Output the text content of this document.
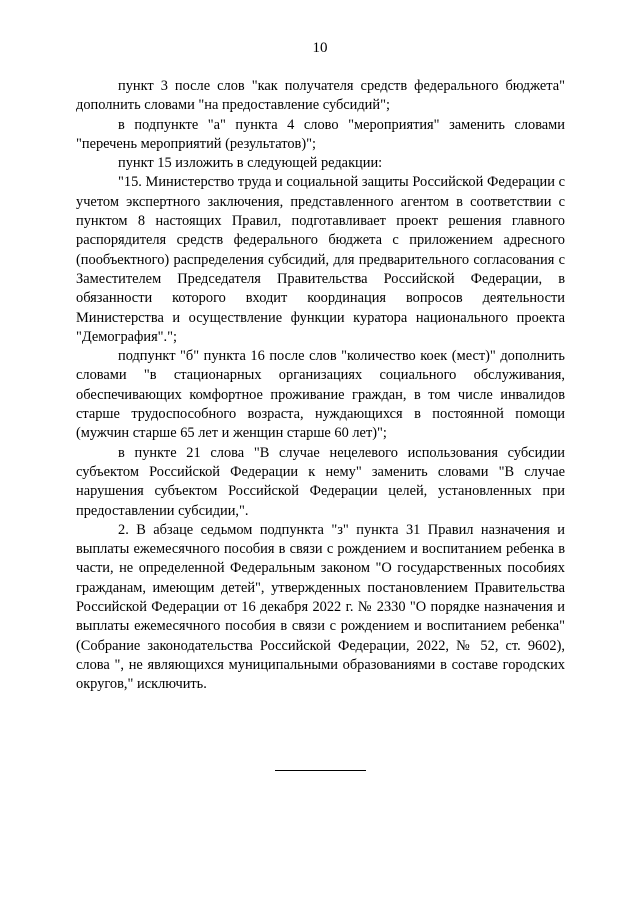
10

пункт 3 после слов "как получателя средств федерального бюджета" дополнить словами "на предоставление субсидий";

в подпункте "а" пункта 4 слово "мероприятия" заменить словами "перечень мероприятий (результатов)";

пункт 15 изложить в следующей редакции:

"15. Министерство труда и социальной защиты Российской Федерации с учетом экспертного заключения, представленного агентом в соответствии с пунктом 8 настоящих Правил, подготавливает проект решения главного распорядителя средств федерального бюджета с приложением адресного (пообъектного) распределения субсидий, для предварительного согласования с Заместителем Председателя Правительства Российской Федерации, в обязанности которого входит координация вопросов деятельности Министерства и осуществление функции куратора национального проекта "Демография".";

подпункт "б" пункта 16 после слов "количество коек (мест)" дополнить словами "в стационарных организациях социального обслуживания, обеспечивающих комфортное проживание граждан, в том числе инвалидов старше трудоспособного возраста, нуждающихся в постоянной помощи (мужчин старше 65 лет и женщин старше 60 лет)";

в пункте 21 слова "В случае нецелевого использования субсидии субъектом Российской Федерации к нему" заменить словами "В случае нарушения субъектом Российской Федерации целей, установленных при предоставлении субсидии,".

2. В абзаце седьмом подпункта "з" пункта 31 Правил назначения и выплаты ежемесячного пособия в связи с рождением и воспитанием ребенка в части, не определенной Федеральным законом "О государственных пособиях гражданам, имеющим детей", утвержденных постановлением Правительства Российской Федерации от 16 декабря 2022 г. № 2330 "О порядке назначения и выплаты ежемесячного пособия в связи с рождением и воспитанием ребенка" (Собрание законодательства Российской Федерации, 2022, № 52, ст. 9602), слова ", не являющихся муниципальными образованиями в составе городских округов," исключить.
